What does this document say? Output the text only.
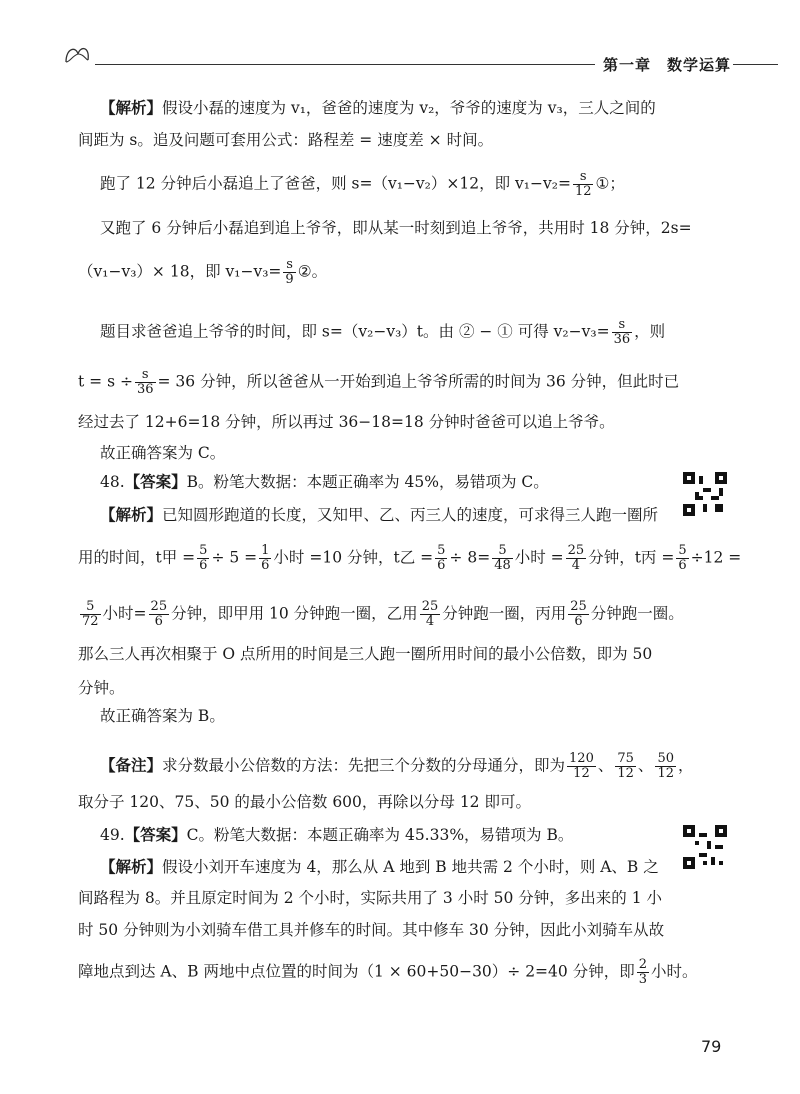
第一章　数学运算
【解析】假设小磊的速度为 v₁，爸爸的速度为 v₂，爷爷的速度为 v₃，三人之间的
间距为 s。追及问题可套用公式：路程差 = 速度差 × 时间。
跑了 12 分钟后小磊追上了爸爸，则 s=（v₁−v₂）×12，即 $v_1-v_2= \frac{s}{12}$ ①；
又跑了 6 分钟后小磊追到追上爷爷，即从某一时刻到追上爷爷，共用时 18 分钟，2s=
（v₁−v₃）× 18，即 $v_1-v_3= \frac{s}{9}$ ②。
题目求爸爸追上爷爷的时间，即 s=（v₂−v₃）t。由 ② − ① 可得 $v_2-v_3= \frac{s}{36}$ ，则
$t = s \div \frac{s}{36} = 36$ 分钟，所以爸爸从一开始到追上爷爷所需的时间为 36 分钟，但此时已
经过去了 12+6=18 分钟，所以再过 36−18=18 分钟时爸爸可以追上爷爷。
故正确答案为 C。
48.【答案】B。粉笔大数据：本题正确率为 45%，易错项为 C。
【解析】已知圆形跑道的长度，又知甲、乙、丙三人的速度，可求得三人跑一圈所
用的时间，t甲 = $\frac{5}{6} \div 5 = \frac{1}{6}$ 小时 =10 分钟，t乙 = $\frac{5}{6} \div 8= \frac{5}{48}$ 小时 = $\frac{25}{4}$ 分钟，t丙 = $\frac{5}{6} \div 12$ =
$\frac{5}{72}$ 小时= $\frac{25}{6}$ 分钟，即甲用 10 分钟跑一圈，乙用 $\frac{25}{4}$ 分钟跑一圈，丙用 $\frac{25}{6}$ 分钟跑一圈。
那么三人再次相聚于 O 点所用的时间是三人跑一圈所用时间的最小公倍数，即为 50
分钟。
故正确答案为 B。
【备注】求分数最小公倍数的方法：先把三个分数的分母通分，即为 $\frac{120}{12}$ 、 $\frac{75}{12}$ 、 $\frac{50}{12}$ ，
取分子 120、75、50 的最小公倍数 600，再除以分母 12 即可。
49.【答案】C。粉笔大数据：本题正确率为 45.33%，易错项为 B。
【解析】假设小刘开车速度为 4，那么从 A 地到 B 地共需 2 个小时，则 A、B 之
间路程为 8。并且原定时间为 2 个小时，实际共用了 3 小时 50 分钟，多出来的 1 小
时 50 分钟则为小刘骑车借工具并修车的时间。其中修车 30 分钟，因此小刘骑车从故
障地点到达 A、B 两地中点位置的时间为（1 × 60+50−30）÷ 2=40 分钟，即 $\frac{2}{3}$ 小时。
79
